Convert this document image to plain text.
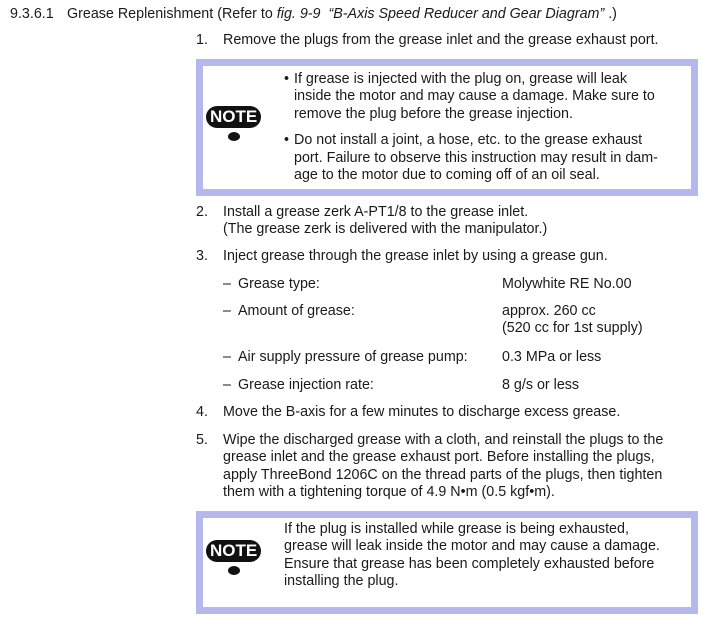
9.3.6.1 Grease Replenishment (Refer to fig. 9-9 “B-Axis Speed Reducer and Gear Diagram” .)
1. Remove the plugs from the grease inlet and the grease exhaust port.
NOTE
• If grease is injected with the plug on, grease will leak
inside the motor and may cause a damage. Make sure to
remove the plug before the grease injection.
• Do not install a joint, a hose, etc. to the grease exhaust
port. Failure to observe this instruction may result in dam-
age to the motor due to coming off of an oil seal.
2. Install a grease zerk A-PT1/8 to the grease inlet.
(The grease zerk is delivered with the manipulator.)
3. Inject grease through the grease inlet by using a grease gun.
– Grease type:	Molywhite RE No.00
– Amount of grease:	approx. 260 cc
(520 cc for 1st supply)
– Air supply pressure of grease pump: 0.3 MPa or less
– Grease injection rate:	8 g/s or less
4. Move the B-axis for a few minutes to discharge excess grease.
5. Wipe the discharged grease with a cloth, and reinstall the plugs to the
grease inlet and the grease exhaust port. Before installing the plugs,
apply ThreeBond 1206C on the thread parts of the plugs, then tighten
them with a tightening torque of 4.9 N•m (0.5 kgf•m).
NOTE
If the plug is installed while grease is being exhausted,
grease will leak inside the motor and may cause a damage.
Ensure that grease has been completely exhausted before
installing the plug.
